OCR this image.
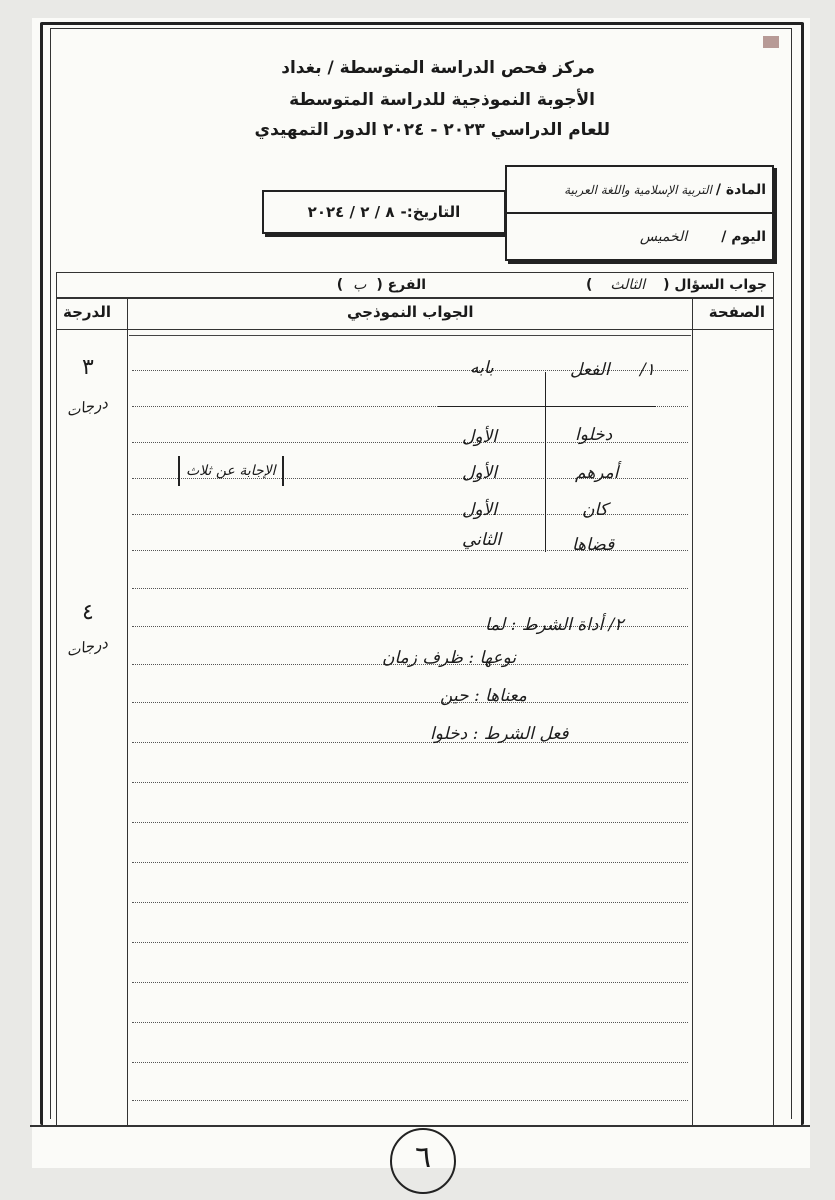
مركز فحص الدراسة المتوسطة / بغداد
الأجوبة النموذجية للدراسة المتوسطة
للعام الدراسي ٢٠٢٣ - ٢٠٢٤ الدور التمهيدي
التاريخ:-
٨ / ٢ / ٢٠٢٤
المادة /
التربية الإسلامية واللغة العربية
اليوم /
الخميس
جواب السؤال (
الثالث
)
الفرع (
ب
)
الدرجة	الجواب النموذجي	الصفحة
٣
درجات
٤
درجات
١/
الفعل
بابه
دخلوا
الأول
أمرهم
الأول
كان
الأول
قضاها
الثاني
الإجابة عن ثلاث
٢/ أداة الشرط : لما
نوعها : ظرف زمان
معناها : حين
فعل الشرط : دخلوا
٦
